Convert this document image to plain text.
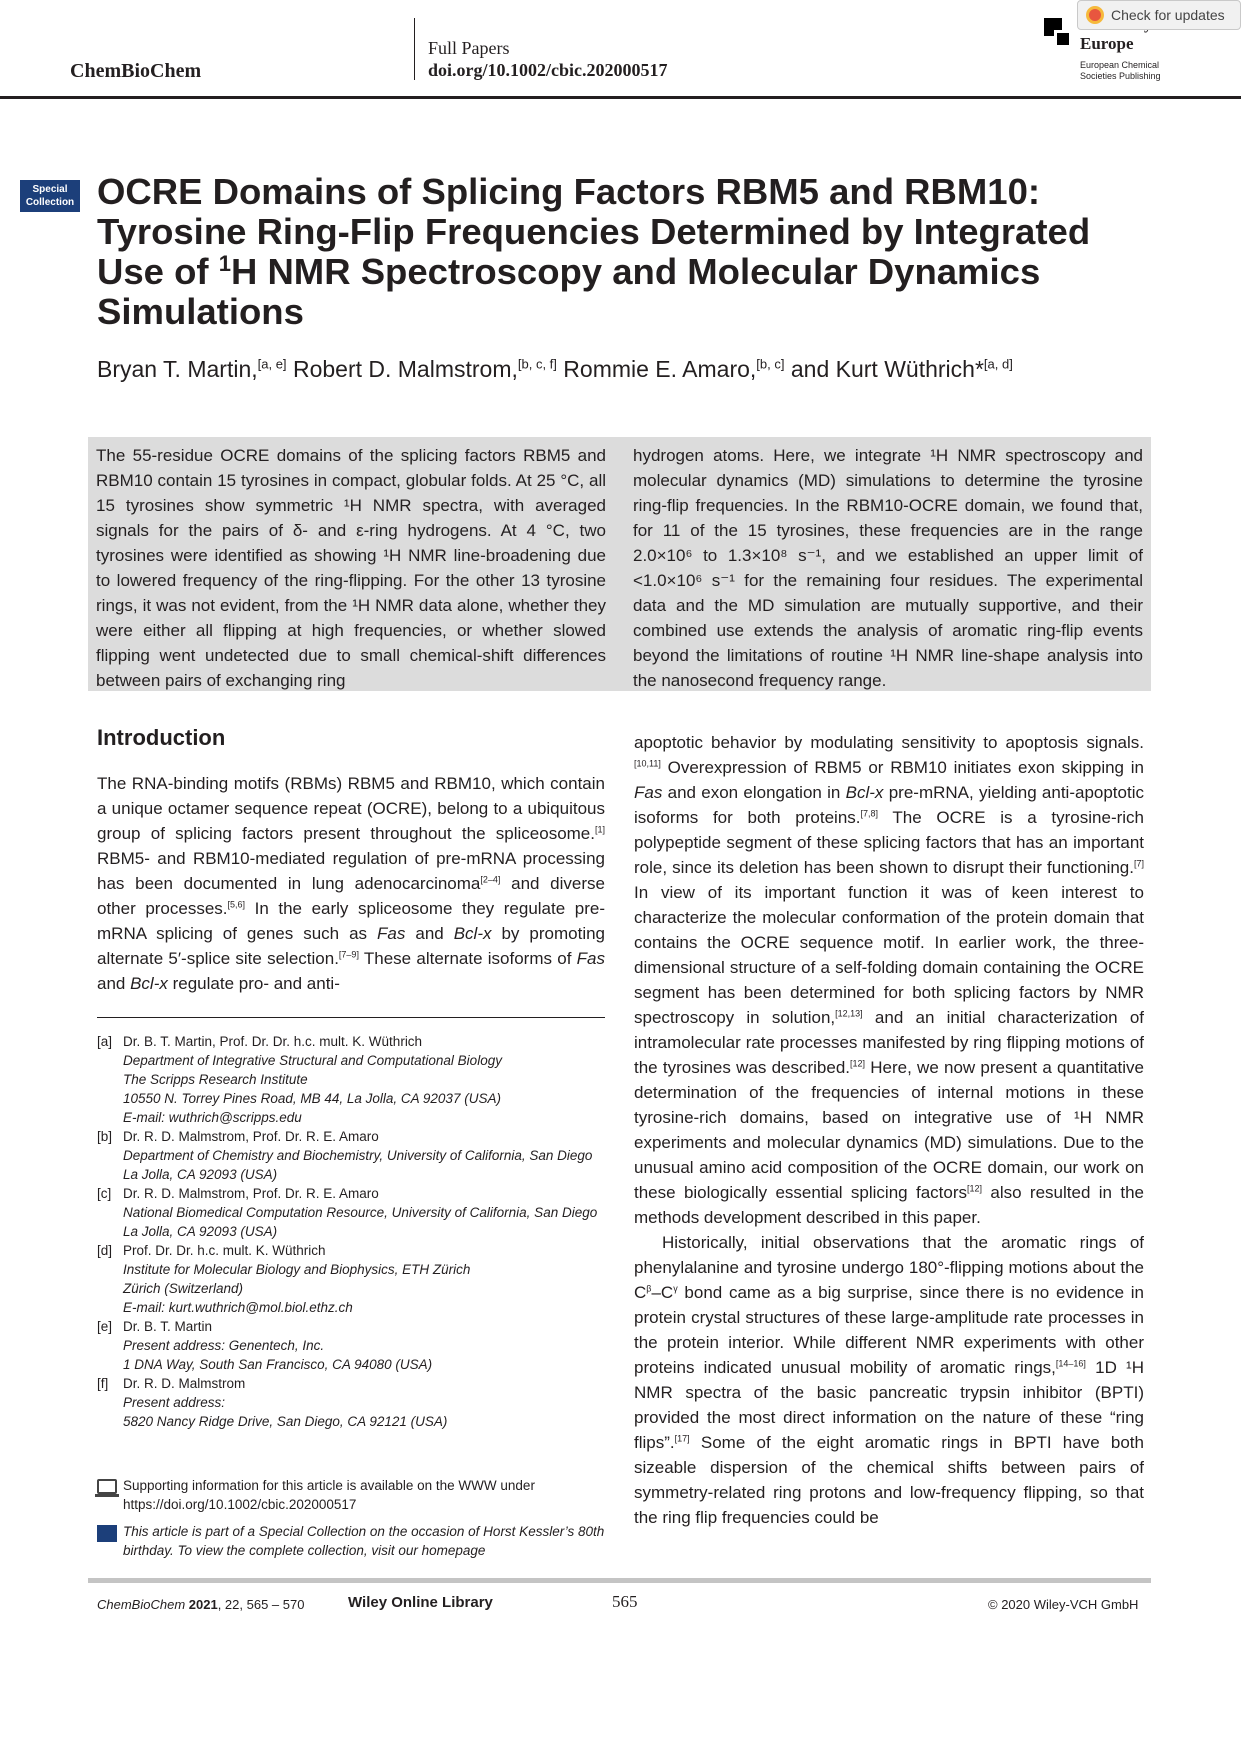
ChemBioChem
Full Papers
doi.org/10.1002/cbic.202000517
Europe
European Chemical Societies Publishing
Check for updates
Special
Collection OCRE Domains of Splicing Factors RBM5 and RBM10:
Tyrosine Ring-Flip Frequencies Determined by Integrated
Use of $^1$H NMR Spectroscopy and Molecular Dynamics
Simulations
Bryan T. Martin,[a, e] Robert D. Malmstrom,[b, c, f] Rommie E. Amaro,[b, c] and Kurt Wüthrich*[a, d]

The 55-residue OCRE domains of the splicing factors RBM5 and RBM10 contain 15 tyrosines in compact, globular folds. At 25 °C, all 15 tyrosines show symmetric ¹H NMR spectra, with averaged signals for the pairs of δ- and ε-ring hydrogens. At 4 °C, two tyrosines were identified as showing ¹H NMR line-broadening due to lowered frequency of the ring-flipping. For the other 13 tyrosine rings, it was not evident, from the ¹H NMR data alone, whether they were either all flipping at high frequencies, or whether slowed flipping went undetected due to small chemical-shift differences between pairs of exchanging ring

hydrogen atoms. Here, we integrate ¹H NMR spectroscopy and molecular dynamics (MD) simulations to determine the tyrosine ring-flip frequencies. In the RBM10-OCRE domain, we found that, for 11 of the 15 tyrosines, these frequencies are in the range 2.0×10⁶ to 1.3×10⁸ s⁻¹, and we established an upper limit of <1.0×10⁶ s⁻¹ for the remaining four residues. The experimental data and the MD simulation are mutually supportive, and their combined use extends the analysis of aromatic ring-flip events beyond the limitations of routine ¹H NMR line-shape analysis into the nanosecond frequency range.

Introduction

The RNA-binding motifs (RBMs) RBM5 and RBM10, which contain a unique octamer sequence repeat (OCRE), belong to a ubiquitous group of splicing factors present throughout the spliceosome.[1] RBM5- and RBM10-mediated regulation of pre-mRNA processing has been documented in lung adenocarcinoma[2–4] and diverse other processes.[5,6] In the early spliceosome they regulate pre-mRNA splicing of genes such as Fas and Bcl-x by promoting alternate 5′-splice site selection.[7–9] These alternate isoforms of Fas and Bcl-x regulate pro- and anti-

apoptotic behavior by modulating sensitivity to apoptosis signals.[10,11] Overexpression of RBM5 or RBM10 initiates exon skipping in Fas and exon elongation in Bcl-x pre-mRNA, yielding anti-apoptotic isoforms for both proteins.[7,8] The OCRE is a tyrosine-rich polypeptide segment of these splicing factors that has an important role, since its deletion has been shown to disrupt their functioning.[7] In view of its important function it was of keen interest to characterize the molecular conformation of the protein domain that contains the OCRE sequence motif. In earlier work, the three-dimensional structure of a self-folding domain containing the OCRE segment has been determined for both splicing factors by NMR spectroscopy in solution,[12,13] and an initial characterization of intramolecular rate processes manifested by ring flipping motions of the tyrosines was described.[12] Here, we now present a quantitative determination of the frequencies of internal motions in these tyrosine-rich domains, based on integrative use of ¹H NMR experiments and molecular dynamics (MD) simulations. Due to the unusual amino acid composition of the OCRE domain, our work on these biologically essential splicing factors[12] also resulted in the methods development described in this paper.

Historically, initial observations that the aromatic rings of phenylalanine and tyrosine undergo 180°-flipping motions about the C$^\beta$–C$^\gamma$ bond came as a big surprise, since there is no evidence in protein crystal structures of these large-amplitude rate processes in the protein interior. While different NMR experiments with other proteins indicated unusual mobility of aromatic rings,[14–16] 1D ¹H NMR spectra of the basic pancreatic trypsin inhibitor (BPTI) provided the most direct information on the nature of these “ring flips”.[17] Some of the eight aromatic rings in BPTI have both sizeable dispersion of the chemical shifts between pairs of symmetry-related ring protons and low-frequency flipping, so that the ring flip frequencies could be

[a] Dr. B. T. Martin, Prof. Dr. Dr. h.c. mult. K. Wüthrich
Department of Integrative Structural and Computational Biology
The Scripps Research Institute
10550 N. Torrey Pines Road, MB 44, La Jolla, CA 92037 (USA)
E-mail: wuthrich@scripps.edu
[b] Dr. R. D. Malmstrom, Prof. Dr. R. E. Amaro
Department of Chemistry and Biochemistry, University of California, San Diego
La Jolla, CA 92093 (USA)
[c] Dr. R. D. Malmstrom, Prof. Dr. R. E. Amaro
National Biomedical Computation Resource, University of California, San Diego
La Jolla, CA 92093 (USA)
[d] Prof. Dr. Dr. h.c. mult. K. Wüthrich
Institute for Molecular Biology and Biophysics, ETH Zürich
Zürich (Switzerland)
E-mail: kurt.wuthrich@mol.biol.ethz.ch
[e] Dr. B. T. Martin
Present address: Genentech, Inc.
1 DNA Way, South San Francisco, CA 94080 (USA)
[f] Dr. R. D. Malmstrom
Present address:
5820 Nancy Ridge Drive, San Diego, CA 92121 (USA)
Supporting information for this article is available on the WWW under https://doi.org/10.1002/cbic.202000517
This article is part of a Special Collection on the occasion of Horst Kessler’s 80th birthday. To view the complete collection, visit our homepage
ChemBioChem 2021, 22, 565 – 570	Wiley Online Library	565	© 2020 Wiley-VCH GmbH
